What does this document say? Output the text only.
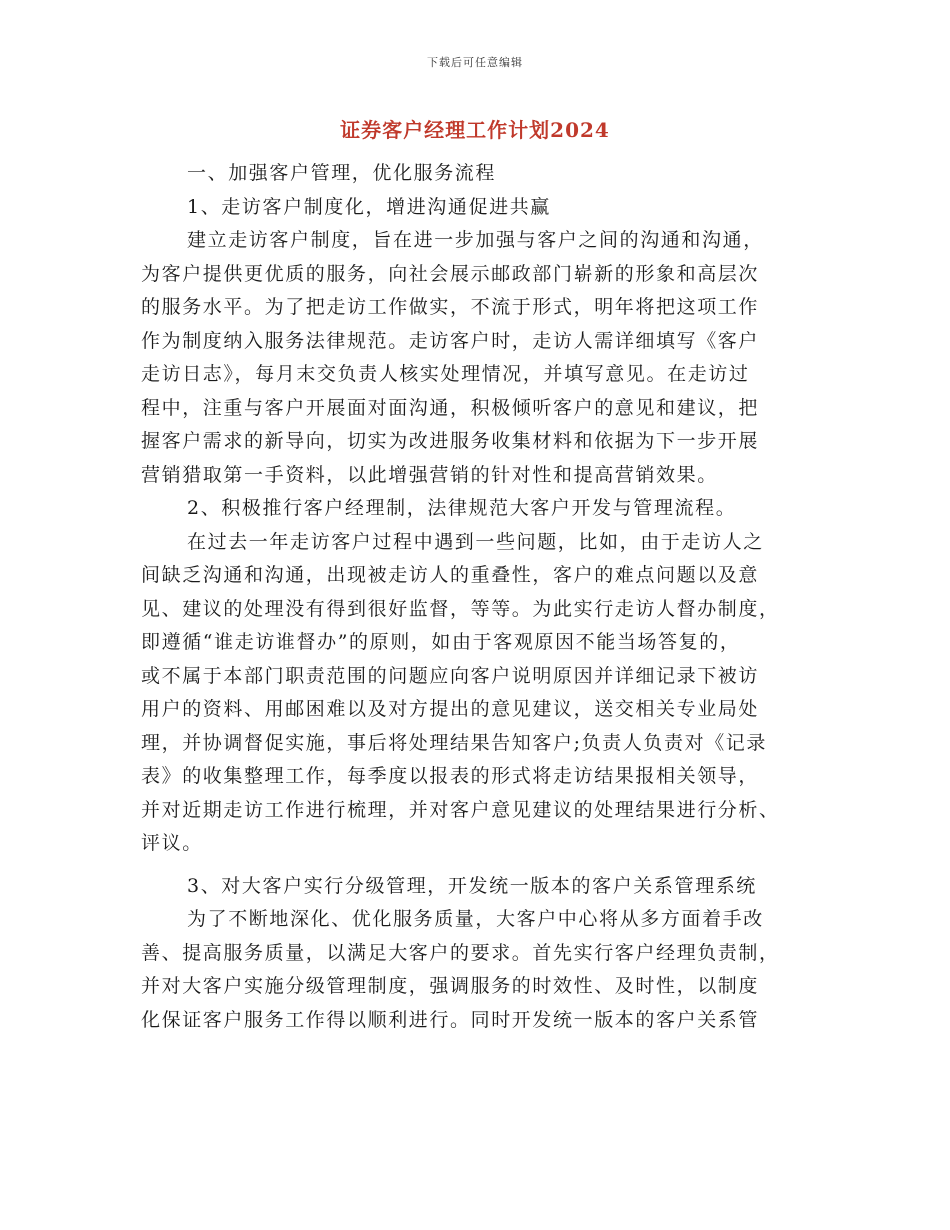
下载后可任意编辑
证券客户经理工作计划2024
一、加强客户管理，优化服务流程
1、走访客户制度化，增进沟通促进共赢
建立走访客户制度，旨在进一步加强与客户之间的沟通和沟通，
为客户提供更优质的服务，向社会展示邮政部门崭新的形象和高层次
的服务水平。为了把走访工作做实，不流于形式，明年将把这项工作
作为制度纳入服务法律规范。走访客户时，走访人需详细填写《客户
走访日志》，每月末交负责人核实处理情况，并填写意见。在走访过
程中，注重与客户开展面对面沟通，积极倾听客户的意见和建议，把
握客户需求的新导向，切实为改进服务收集材料和依据为下一步开展
营销猎取第一手资料，以此增强营销的针对性和提高营销效果。
2、积极推行客户经理制，法律规范大客户开发与管理流程。
在过去一年走访客户过程中遇到一些问题，比如，由于走访人之
间缺乏沟通和沟通，出现被走访人的重叠性，客户的难点问题以及意
见、建议的处理没有得到很好监督，等等。为此实行走访人督办制度，
即遵循“谁走访谁督办”的原则，如由于客观原因不能当场答复的，
或不属于本部门职责范围的问题应向客户说明原因并详细记录下被访
用户的资料、用邮困难以及对方提出的意见建议，送交相关专业局处
理，并协调督促实施，事后将处理结果告知客户;负责人负责对《记录
表》的收集整理工作，每季度以报表的形式将走访结果报相关领导，
并对近期走访工作进行梳理，并对客户意见建议的处理结果进行分析、
评议。
3、对大客户实行分级管理，开发统一版本的客户关系管理系统
为了不断地深化、优化服务质量，大客户中心将从多方面着手改
善、提高服务质量，以满足大客户的要求。首先实行客户经理负责制，
并对大客户实施分级管理制度，强调服务的时效性、及时性，以制度
化保证客户服务工作得以顺利进行。同时开发统一版本的客户关系管
